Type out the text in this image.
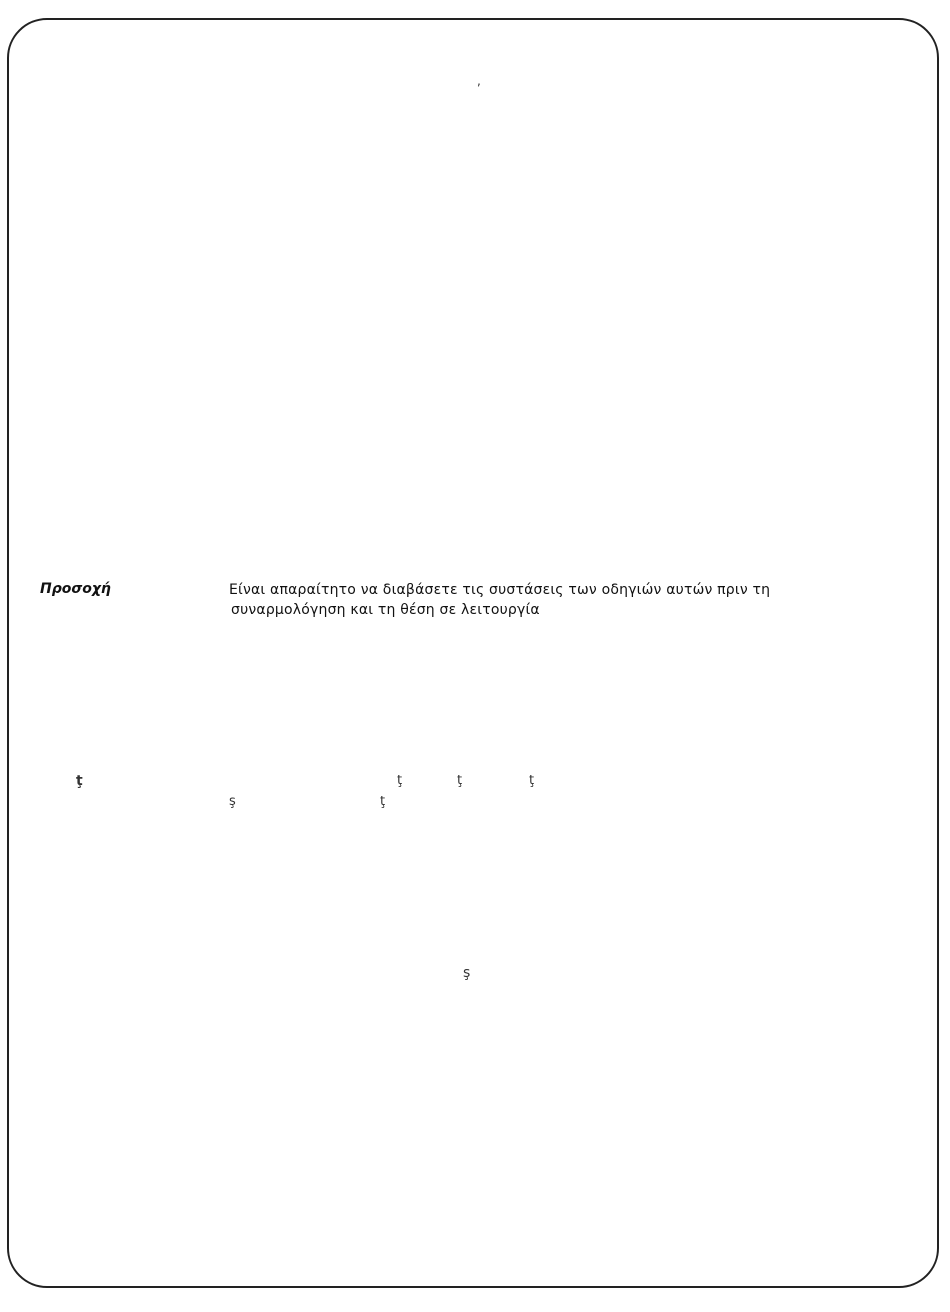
,
Προσοχή	Είναι απαραίτητο να διαβάσετε τις συστάσεις των οδηγιών αυτών πριν τη
συναρμολόγηση και τη θέση σε λειτουργία
ţ	ţ	ţ	ţ
ş	ţ
ş
